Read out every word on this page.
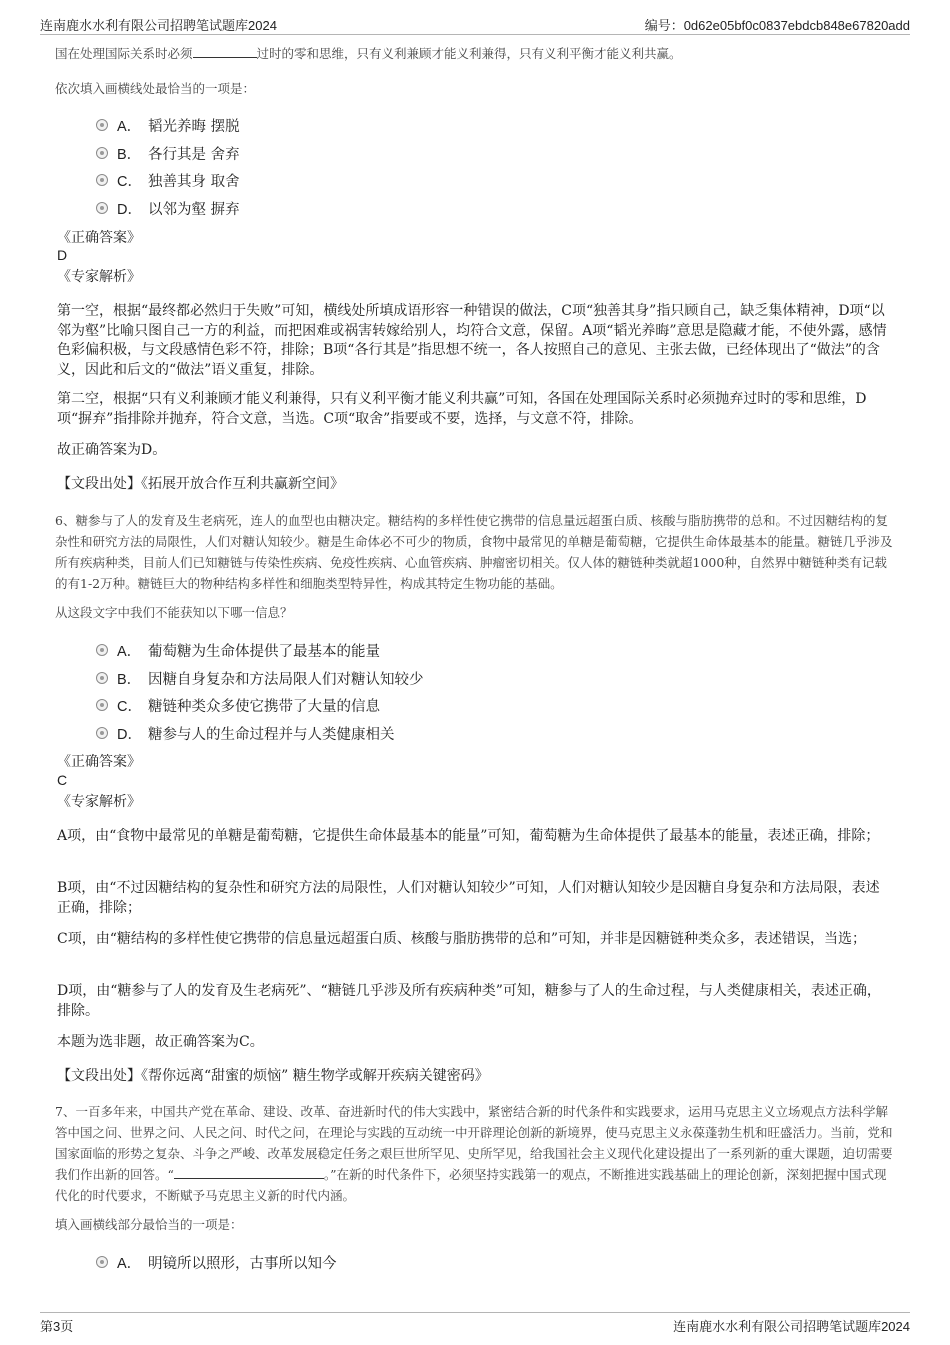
连南鹿水水利有限公司招聘笔试题库2024	编号：0d62e05bf0c0837ebdcb848e67820add
国在处理国际关系时必须	过时的零和思维，只有义利兼顾才能义利兼得，只有义利平衡才能义利共赢。
依次填入画横线处最恰当的一项是：
A． 韬光养晦 摆脱
B． 各行其是 舍弃
C． 独善其身 取舍
D． 以邻为壑 摒弃
《正确答案》
D
《专家解析》
第一空，根据“最终都必然归于失败”可知，横线处所填成语形容一种错误的做法，C项“独善其身”指只顾自己，缺乏集体精神，D项“以邻为壑”比喻只图自己一方的利益，而把困难或祸害转嫁给别人，均符合文意，保留。A项“韬光养晦”意思是隐藏才能，不使外露，感情色彩偏积极，与文段感情色彩不符，排除；B项“各行其是”指思想不统一，各人按照自己的意见、主张去做，已经体现出了“做法”的含义，因此和后文的“做法”语义重复，排除。
第二空，根据“只有义利兼顾才能义利兼得，只有义利平衡才能义利共赢”可知，各国在处理国际关系时必须抛弃过时的零和思维，D项“摒弃”指排除并抛弃，符合文意，当选。C项“取舍”指要或不要，选择，与文意不符，排除。
故正确答案为D。
【文段出处】《拓展开放合作互利共赢新空间》
6、糖参与了人的发育及生老病死，连人的血型也由糖决定。糖结构的多样性使它携带的信息量远超蛋白质、核酸与脂肪携带的总和。不过因糖结构的复杂性和研究方法的局限性，人们对糖认知较少。糖是生命体必不可少的物质，食物中最常见的单糖是葡萄糖，它提供生命体最基本的能量。糖链几乎涉及所有疾病种类，目前人们已知糖链与传染性疾病、免疫性疾病、心血管疾病、肿瘤密切相关。仅人体的糖链种类就超1000种，自然界中糖链种类有记载的有1-2万种。糖链巨大的物种结构多样性和细胞类型特异性，构成其特定生物功能的基础。
从这段文字中我们不能获知以下哪一信息？
A． 葡萄糖为生命体提供了最基本的能量
B． 因糖自身复杂和方法局限人们对糖认知较少
C． 糖链种类众多使它携带了大量的信息
D． 糖参与人的生命过程并与人类健康相关
《正确答案》
C
《专家解析》
A项，由“食物中最常见的单糖是葡萄糖，它提供生命体最基本的能量”可知，葡萄糖为生命体提供了最基本的能量，表述正确，排除；
B项，由“不过因糖结构的复杂性和研究方法的局限性，人们对糖认知较少”可知，人们对糖认知较少是因糖自身复杂和方法局限，表述正确，排除；
C项，由“糖结构的多样性使它携带的信息量远超蛋白质、核酸与脂肪携带的总和”可知，并非是因糖链种类众多，表述错误，当选；
D项，由“糖参与了人的发育及生老病死”、“糖链几乎涉及所有疾病种类”可知，糖参与了人的生命过程，与人类健康相关，表述正确，排除。
本题为选非题，故正确答案为C。
【文段出处】《帮你远离“甜蜜的烦恼” 糖生物学或解开疾病关键密码》
7、一百多年来，中国共产党在革命、建设、改革、奋进新时代的伟大实践中，紧密结合新的时代条件和实践要求，运用马克思主义立场观点方法科学解答中国之问、世界之问、人民之问、时代之问，在理论与实践的互动统一中开辟理论创新的新境界，使马克思主义永葆蓬勃生机和旺盛活力。当前，党和国家面临的形势之复杂、斗争之严峻、改革发展稳定任务之艰巨世所罕见、史所罕见，给我国社会主义现代化建设提出了一系列新的重大课题，迫切需要我们作出新的回答。“	。”在新的时代条件下，必须坚持实践第一的观点，不断推进实践基础上的理论创新，深刻把握中国式现代化的时代要求，不断赋予马克思主义新的时代内涵。
填入画横线部分最恰当的一项是：
A． 明镜所以照形，古事所以知今
第3页	连南鹿水水利有限公司招聘笔试题库2024
